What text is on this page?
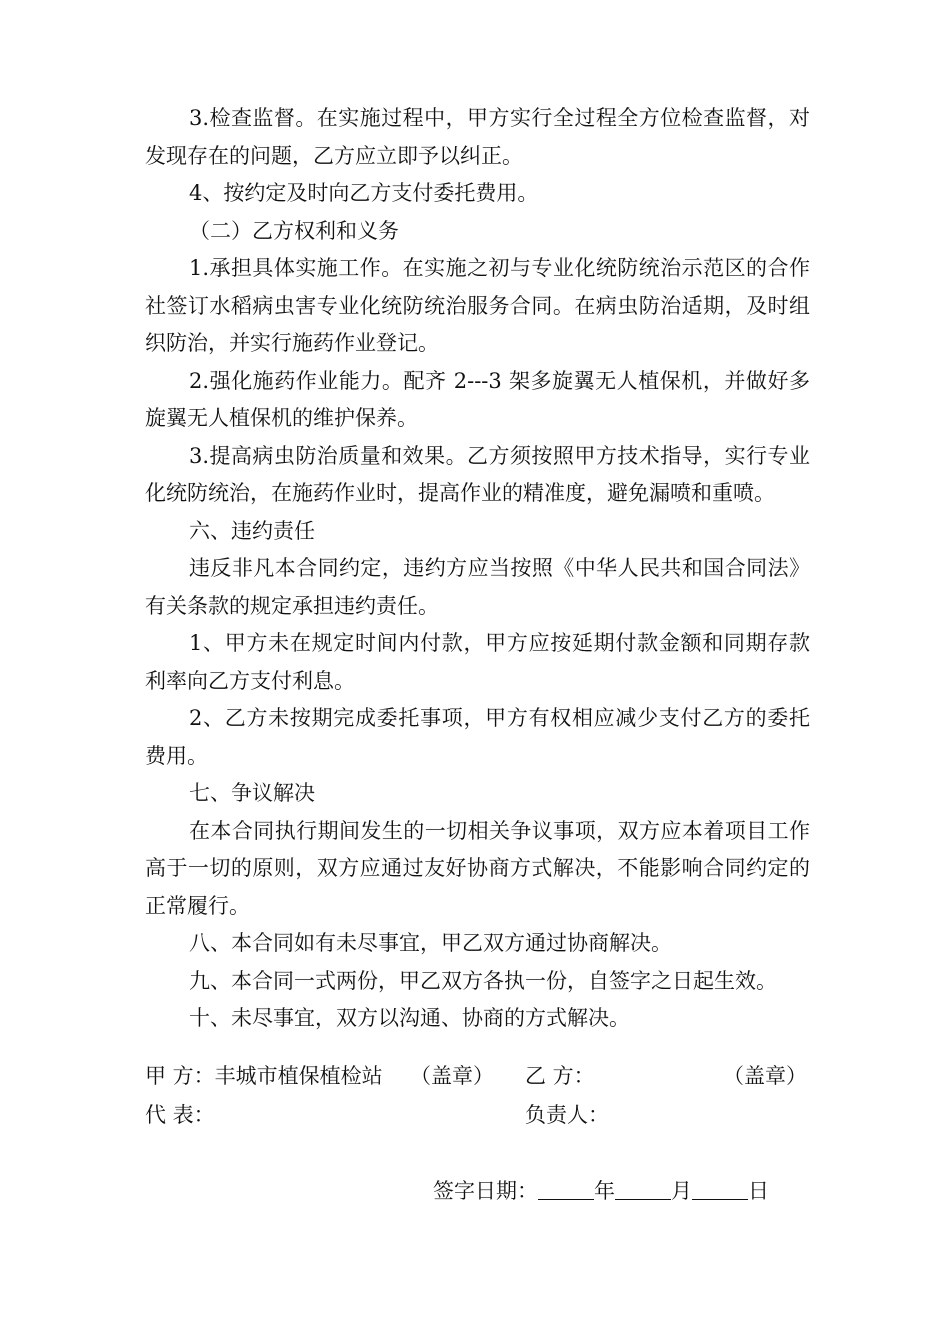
3.检查监督。在实施过程中，甲方实行全过程全方位检查监督，对发现存在的问题，乙方应立即予以纠正。

4、按约定及时向乙方支付委托费用。

（二）乙方权利和义务

1.承担具体实施工作。在实施之初与专业化统防统治示范区的合作社签订水稻病虫害专业化统防统治服务合同。在病虫防治适期，及时组织防治，并实行施药作业登记。

2.强化施药作业能力。配齐 2---3 架多旋翼无人植保机，并做好多旋翼无人植保机的维护保养。

3.提高病虫防治质量和效果。乙方须按照甲方技术指导，实行专业化统防统治，在施药作业时，提高作业的精准度，避免漏喷和重喷。

六、违约责任

违反非凡本合同约定，违约方应当按照《中华人民共和国合同法》有关条款的规定承担违约责任。

1、甲方未在规定时间内付款，甲方应按延期付款金额和同期存款利率向乙方支付利息。

2、乙方未按期完成委托事项，甲方有权相应减少支付乙方的委托费用。

七、争议解决

在本合同执行期间发生的一切相关争议事项，双方应本着项目工作高于一切的原则，双方应通过友好协商方式解决，不能影响合同约定的正常履行。

八、本合同如有未尽事宜，甲乙双方通过协商解决。

九、本合同一式两份，甲乙双方各执一份，自签字之日起生效。

十、未尽事宜，双方以沟通、协商的方式解决。

甲 方：丰城市植保植检站 （盖章） 乙 方：	（盖章）
代 表：	负责人：
签字日期：	年	月	日
